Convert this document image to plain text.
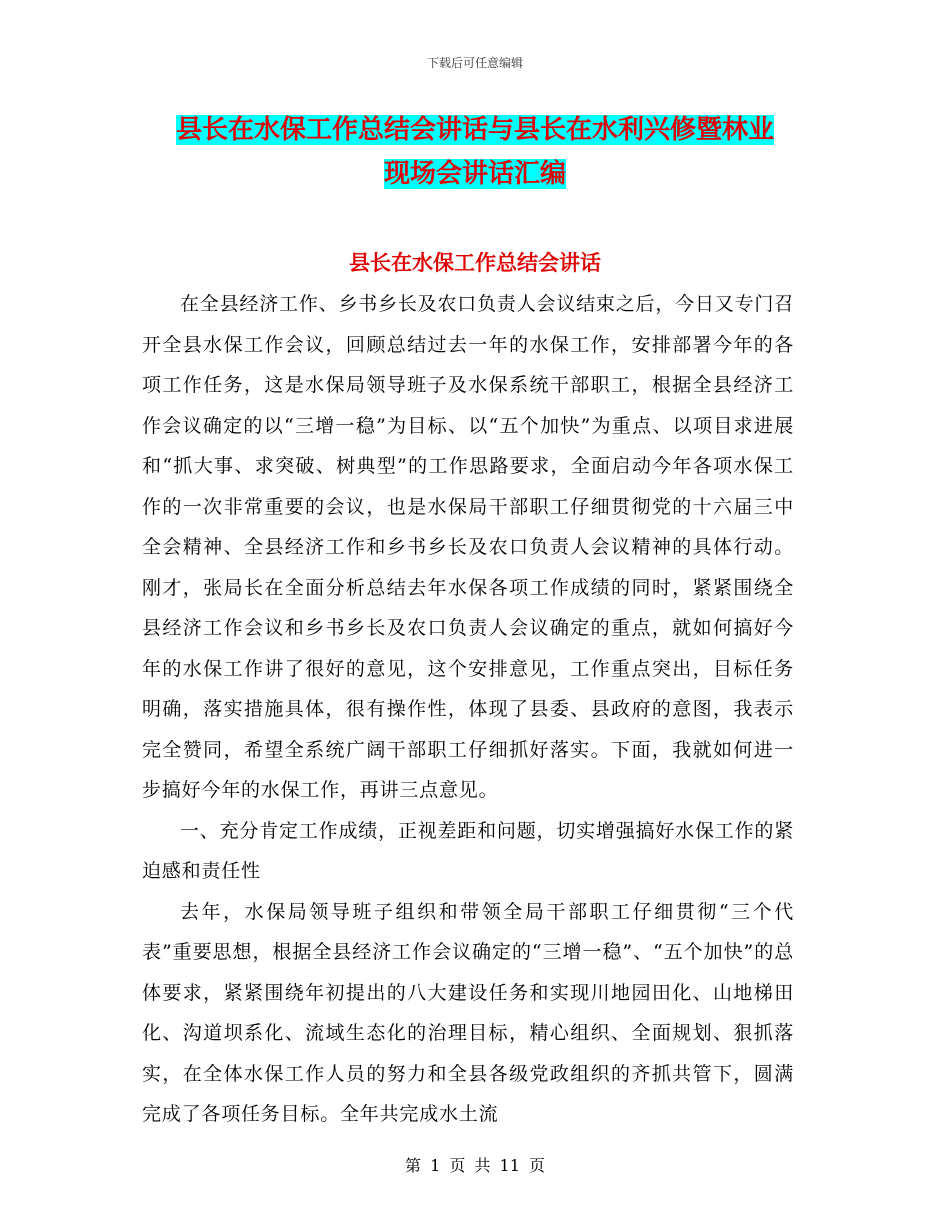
下载后可任意编辑
县长在水保工作总结会讲话与县长在水利兴修暨林业
现场会讲话汇编
县长在水保工作总结会讲话

在全县经济工作、乡书乡长及农口负责人会议结束之后，今日又专门召开全县水保工作会议，回顾总结过去一年的水保工作，安排部署今年的各项工作任务，这是水保局领导班子及水保系统干部职工，根据全县经济工作会议确定的以“三增一稳”为目标、以“五个加快”为重点、以项目求进展和“抓大事、求突破、树典型”的工作思路要求，全面启动今年各项水保工作的一次非常重要的会议，也是水保局干部职工仔细贯彻党的十六届三中全会精神、全县经济工作和乡书乡长及农口负责人会议精神的具体行动。刚才，张局长在全面分析总结去年水保各项工作成绩的同时，紧紧围绕全县经济工作会议和乡书乡长及农口负责人会议确定的重点，就如何搞好今年的水保工作讲了很好的意见，这个安排意见，工作重点突出，目标任务明确，落实措施具体，很有操作性，体现了县委、县政府的意图，我表示完全赞同，希望全系统广阔干部职工仔细抓好落实。下面，我就如何进一步搞好今年的水保工作，再讲三点意见。

一、充分肯定工作成绩，正视差距和问题，切实增强搞好水保工作的紧迫感和责任性

去年，水保局领导班子组织和带领全局干部职工仔细贯彻“三个代表”重要思想，根据全县经济工作会议确定的“三增一稳”、“五个加快”的总体要求，紧紧围绕年初提出的八大建设任务和实现川地园田化、山地梯田化、沟道坝系化、流域生态化的治理目标，精心组织、全面规划、狠抓落实，在全体水保工作人员的努力和全县各级党政组织的齐抓共管下，圆满完成了各项任务目标。全年共完成水土流

第 1 页 共 11 页
